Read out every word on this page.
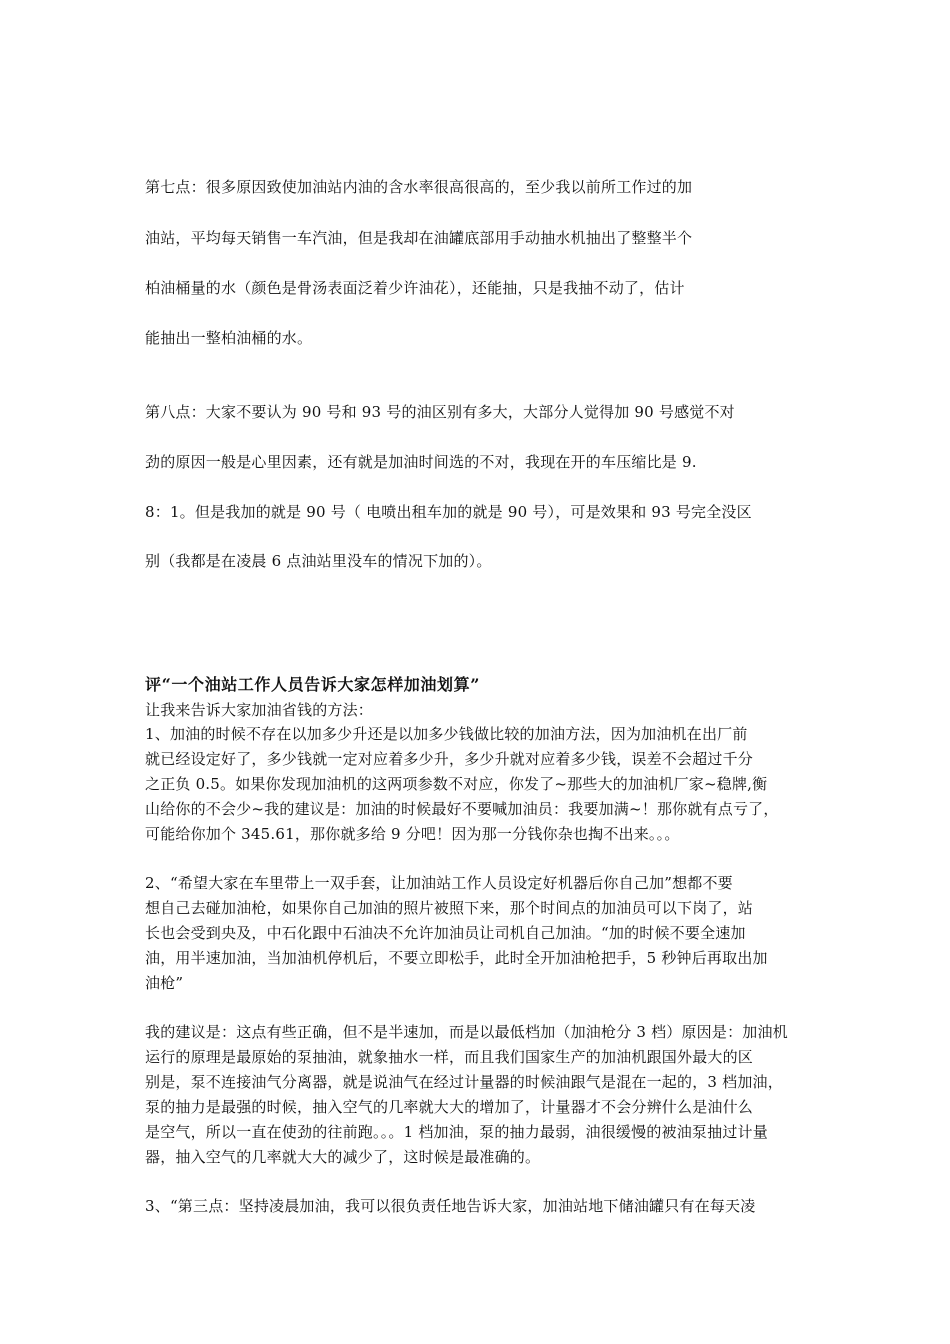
第七点：很多原因致使加油站内油的含水率很高很高的，至少我以前所工作过的加
油站，平均每天销售一车汽油，但是我却在油罐底部用手动抽水机抽出了整整半个
柏油桶量的水（颜色是骨汤表面泛着少许油花），还能抽，只是我抽不动了，估计
能抽出一整柏油桶的水。
第八点：大家不要认为 90 号和 93 号的油区别有多大，大部分人觉得加 90 号感觉不对
劲的原因一般是心里因素，还有就是加油时间选的不对，我现在开的车压缩比是 9.
8：1。但是我加的就是 90 号（ 电喷出租车加的就是 90 号），可是效果和 93 号完全没区
别（我都是在凌晨 6 点油站里没车的情况下加的）。
评“一个油站工作人员告诉大家怎样加油划算”
让我来告诉大家加油省钱的方法：
1、加油的时候不存在以加多少升还是以加多少钱做比较的加油方法，因为加油机在出厂前
就已经设定好了，多少钱就一定对应着多少升，多少升就对应着多少钱，误差不会超过千分
之正负 0.5。如果你发现加油机的这两项参数不对应，你发了~那些大的加油机厂家~稳牌,衡
山给你的不会少~我的建议是：加油的时候最好不要喊加油员：我要加满~！那你就有点亏了，
可能给你加个 345.61，那你就多给 9 分吧！因为那一分钱你杂也掏不出来。。。
2、“希望大家在车里带上一双手套，让加油站工作人员设定好机器后你自己加”想都不要
想自己去碰加油枪，如果你自己加油的照片被照下来，那个时间点的加油员可以下岗了，站
长也会受到央及，中石化跟中石油决不允许加油员让司机自己加油。“加的时候不要全速加
油，用半速加油，当加油机停机后，不要立即松手，此时全开加油枪把手，5 秒钟后再取出加
油枪”
我的建议是：这点有些正确，但不是半速加，而是以最低档加（加油枪分 3 档）原因是：加油机
运行的原理是最原始的泵抽油，就象抽水一样，而且我们国家生产的加油机跟国外最大的区
别是，泵不连接油气分离器，就是说油气在经过计量器的时候油跟气是混在一起的，3 档加油，
泵的抽力是最强的时候，抽入空气的几率就大大的增加了，计量器才不会分辨什么是油什么
是空气，所以一直在使劲的往前跑。。。1 档加油，泵的抽力最弱，油很缓慢的被油泵抽过计量
器，抽入空气的几率就大大的减少了，这时候是最准确的。
3、“第三点：坚持凌晨加油，我可以很负责任地告诉大家，加油站地下储油罐只有在每天凌
